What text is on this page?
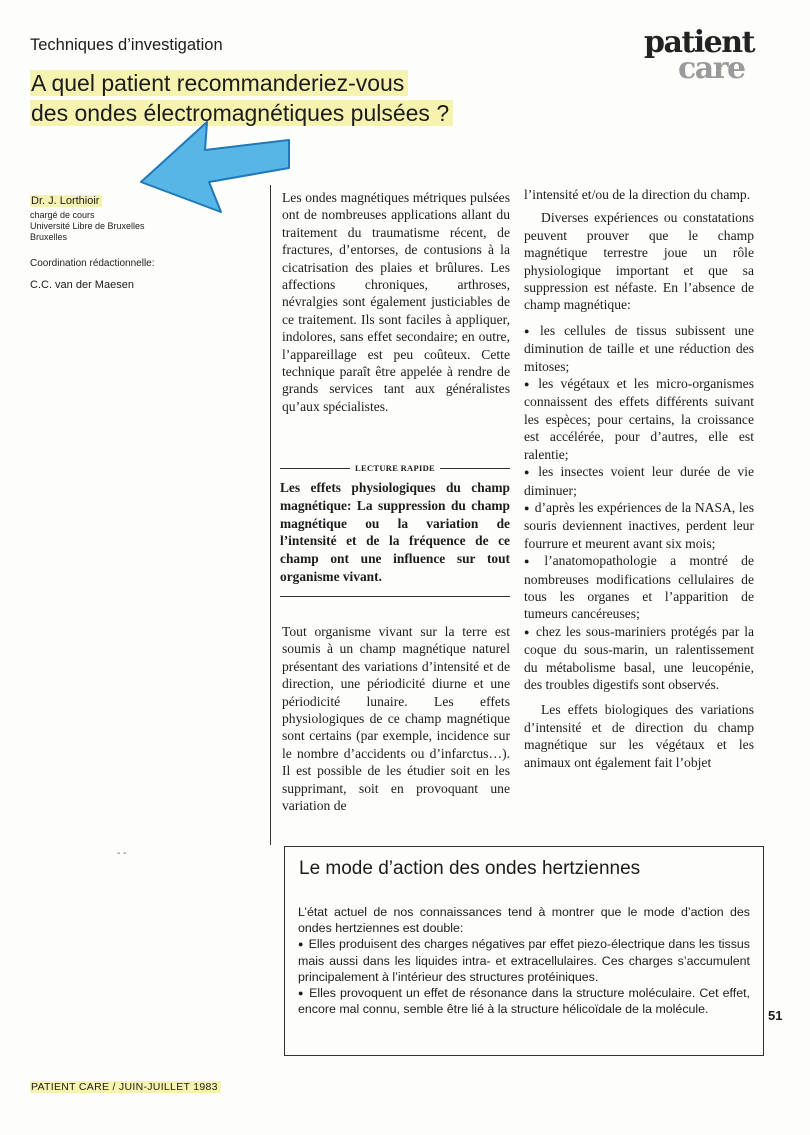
Techniques d’investigation
A quel patient recommanderiez-vous
des ondes électromagnétiques pulsées ?
patient
care
Dr. J. Lorthioir
chargé de cours
Université Libre de Bruxelles
Bruxelles
Coordination rédactionnelle:
C.C. van der Maesen

Les ondes magnétiques métriques pulsées ont de nombreuses applications allant du traitement du traumatisme récent, de fractures, d’entorses, de contusions à la cicatrisation des plaies et brûlures. Les affections chroniques, arthroses, névralgies sont également justiciables de ce traitement. Ils sont faciles à appliquer, indolores, sans effet secondaire; en outre, l’appareillage est peu coûteux. Cette technique paraît être appelée à rendre de grands services tant aux généralistes qu’aux spécialistes.

LECTURE RAPIDE
Les effets physiologiques du champ magnétique: La suppression du champ magnétique ou la variation de l’intensité et de la fréquence de ce champ ont une influence sur tout organisme vivant.

Tout organisme vivant sur la terre est soumis à un champ magnétique naturel présentant des variations d’intensité et de direction, une périodicité diurne et une périodicité lunaire. Les effets physiologiques de ce champ magnétique sont certains (par exemple, incidence sur le nombre d’accidents ou d’infarctus…). Il est possible de les étudier soit en les supprimant, soit en provoquant une variation de

l’intensité et/ou de la direction du champ.

Diverses expériences ou constatations peuvent prouver que le champ magnétique terrestre joue un rôle physiologique important et que sa suppression est néfaste. En l’absence de champ magnétique:

● les cellules de tissus subissent une diminution de taille et une réduction des mitoses;

● les végétaux et les micro-organismes connaissent des effets différents suivant les espèces; pour certains, la croissance est accélérée, pour d’autres, elle est ralentie;

● les insectes voient leur durée de vie diminuer;

● d’après les expériences de la NASA, les souris deviennent inactives, perdent leur fourrure et meurent avant six mois;

● l’anatomopathologie a montré de nombreuses modifications cellulaires de tous les organes et l’apparition de tumeurs cancéreuses;

● chez les sous-mariniers protégés par la coque du sous-marin, un ralentissement du métabolisme basal, une leucopénie, des troubles digestifs sont observés.

Les effets biologiques des variations d’intensité et de direction du champ magnétique sur les végétaux et les animaux ont également fait l’objet

- -
Le mode d’action des ondes hertziennes

L’état actuel de nos connaissances tend à montrer que le mode d’action des ondes hertziennes est double:

● Elles produisent des charges négatives par effet piezo-électrique dans les tissus mais aussi dans les liquides intra- et extracellulaires. Ces charges s’accumulent principalement à l’intérieur des structures protéiniques.

● Elles provoquent un effet de résonance dans la structure moléculaire. Cet effet, encore mal connu, semble être lié à la structure hélicoïdale de la molécule.	51
PATIENT CARE / JUIN-JUILLET 1983
